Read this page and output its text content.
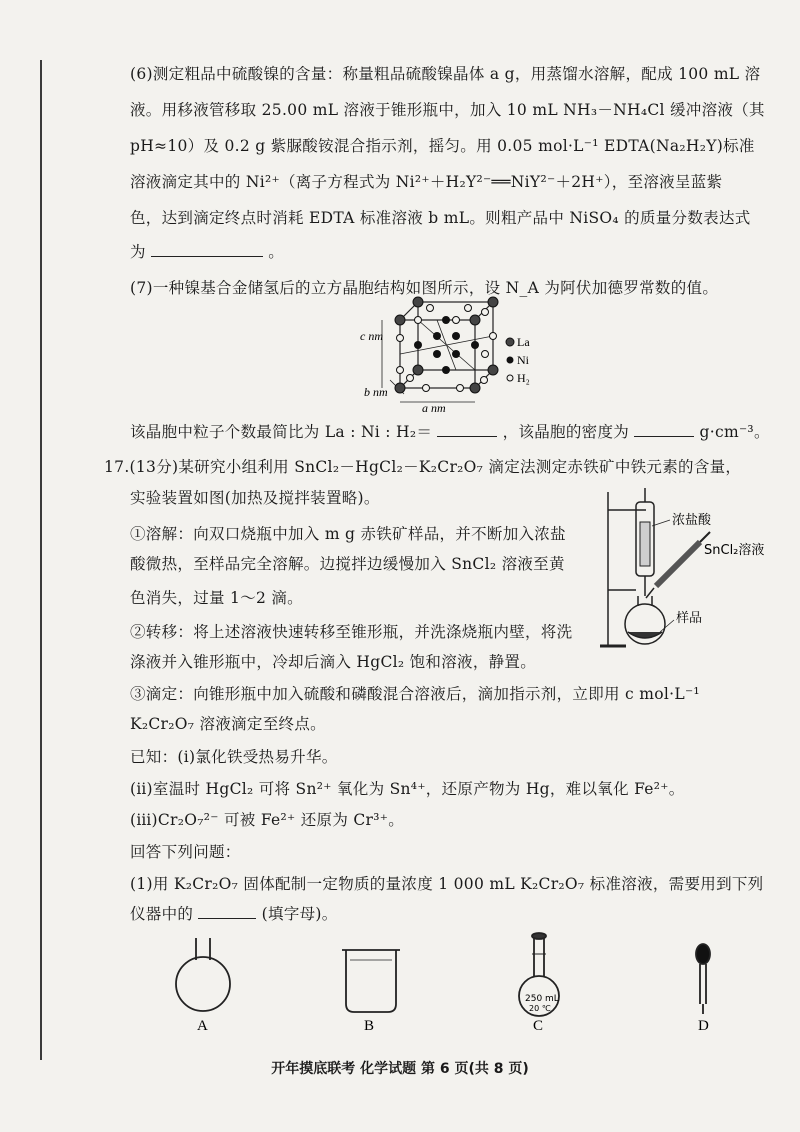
(6)测定粗品中硫酸镍的含量：称量粗品硫酸镍晶体 a g，用蒸馏水溶解，配成 100 mL 溶
液。用移液管移取 25.00 mL 溶液于锥形瓶中，加入 10 mL NH₃－NH₄Cl 缓冲溶液（其
pH≈10）及 0.2 g 紫脲酸铵混合指示剂，摇匀。用 0.05 mol·L⁻¹ EDTA(Na₂H₂Y)标准
溶液滴定其中的 Ni²⁺（离子方程式为 Ni²⁺＋H₂Y²⁻══NiY²⁻＋2H⁺），至溶液呈蓝紫
色，达到滴定终点时消耗 EDTA 标准溶液 b mL。则粗产品中 NiSO₄ 的质量分数表达式
为	。
(7)一种镍基合金储氢后的立方晶胞结构如图所示，设 N_A 为阿伏加德罗常数的值。
c nm
b nm
a nm
La
Ni
H₂
该晶胞中粒子个数最简比为 La : Ni : H₂＝	，该晶胞的密度为	g·cm⁻³。
17.(13分)某研究小组利用 SnCl₂－HgCl₂－K₂Cr₂O₇ 滴定法测定赤铁矿中铁元素的含量，
实验装置如图(加热及搅拌装置略)。
①溶解：向双口烧瓶中加入 m g 赤铁矿样品，并不断加入浓盐
酸微热，至样品完全溶解。边搅拌边缓慢加入 SnCl₂ 溶液至黄
色消失，过量 1～2 滴。
②转移：将上述溶液快速转移至锥形瓶，并洗涤烧瓶内壁，将洗
涤液并入锥形瓶中，冷却后滴入 HgCl₂ 饱和溶液，静置。
浓盐酸
SnCl₂溶液
样品
③滴定：向锥形瓶中加入硫酸和磷酸混合溶液后，滴加指示剂，立即用 c mol·L⁻¹
K₂Cr₂O₇ 溶液滴定至终点。
已知：(ⅰ)氯化铁受热易升华。
(ⅱ)室温时 HgCl₂ 可将 Sn²⁺ 氧化为 Sn⁴⁺，还原产物为 Hg，难以氧化 Fe²⁺。
(ⅲ)Cr₂O₇²⁻ 可被 Fe²⁺ 还原为 Cr³⁺。
回答下列问题：
(1)用 K₂Cr₂O₇ 固体配制一定物质的量浓度 1 000 mL K₂Cr₂O₇ 标准溶液，需要用到下列
仪器中的	(填字母)。
250 mL
20 ℃
A	B	C	D
开年摸底联考 化学试题 第 6 页(共 8 页)
